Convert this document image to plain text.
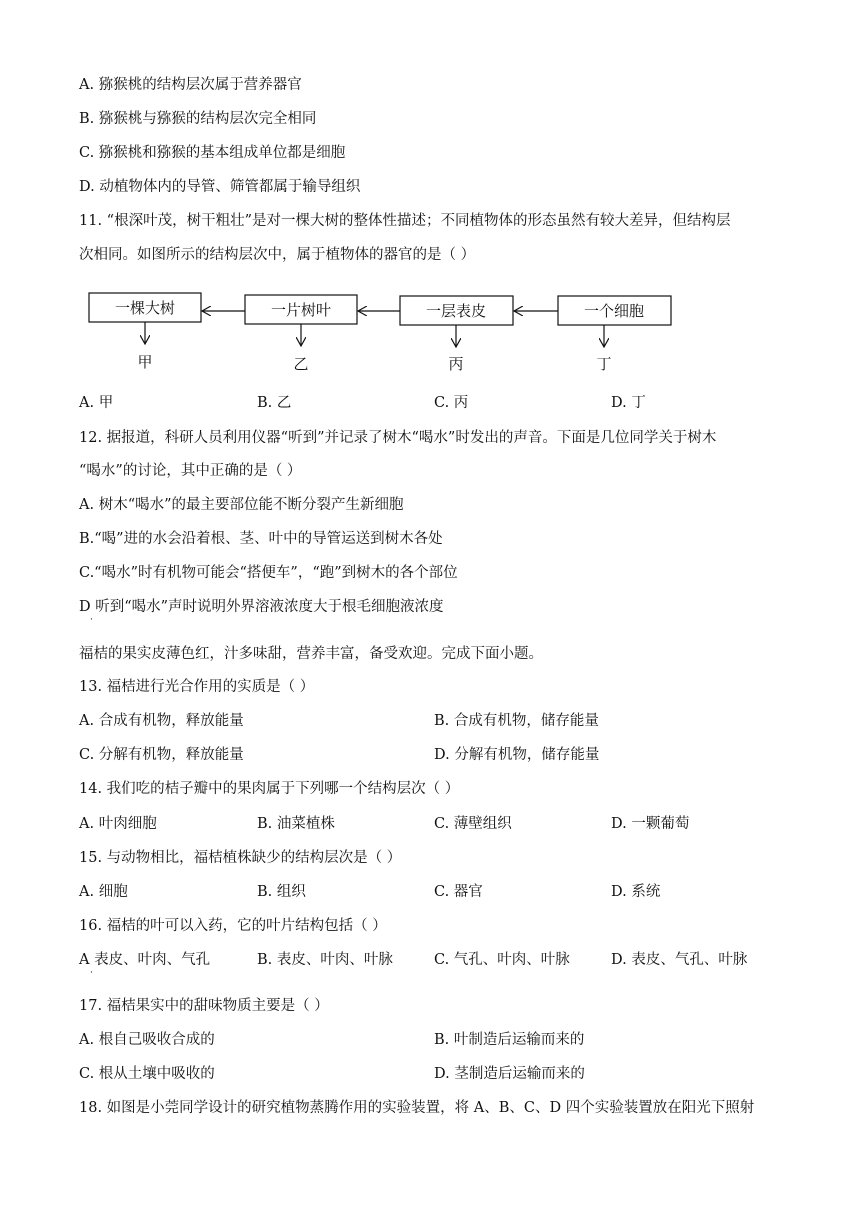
A. 猕猴桃的结构层次属于营养器官
B. 猕猴桃与猕猴的结构层次完全相同
C. 猕猴桃和猕猴的基本组成单位都是细胞
D. 动植物体内的导管、筛管都属于输导组织
11. “根深叶茂，树干粗壮”是对一棵大树的整体性描述；不同植物体的形态虽然有较大差异，但结构层
次相同。如图所示的结构层次中，属于植物体的器官的是（ ）
一棵大树	一片树叶	一层表皮	一个细胞
甲	乙	丙	丁
A. 甲	B. 乙	C. 丙	D. 丁
12. 据报道，科研人员利用仪器“听到”并记录了树木“喝水”时发出的声音。下面是几位同学关于树木
“喝水”的讨论，其中正确的是（ ）
A. 树木“喝水”的最主要部位能不断分裂产生新细胞
B.“喝”进的水会沿着根、茎、叶中的导管运送到树木各处
C.“喝水”时有机物可能会“搭便车”，“跑”到树木的各个部位
D 听到“喝水”声时说明外界溶液浓度大于根毛细胞液浓度
·
福桔的果实皮薄色红，汁多味甜，营养丰富，备受欢迎。完成下面小题。
13. 福桔进行光合作用的实质是（ ）
A. 合成有机物，释放能量	B. 合成有机物，储存能量
C. 分解有机物，释放能量	D. 分解有机物，储存能量
14. 我们吃的桔子瓣中的果肉属于下列哪一个结构层次（ ）
A. 叶肉细胞	B. 油菜植株	C. 薄壁组织	D. 一颗葡萄
15. 与动物相比，福桔植株缺少的结构层次是（ ）
A. 细胞	B. 组织	C. 器官	D. 系统
16. 福桔的叶可以入药，它的叶片结构包括（ ）
A 表皮、叶肉、气孔
·
B. 表皮、叶肉、叶脉	C. 气孔、叶肉、叶脉	D. 表皮、气孔、叶脉
17. 福桔果实中的甜味物质主要是（ ）
A. 根自己吸收合成的	B. 叶制造后运输而来的
C. 根从土壤中吸收的	D. 茎制造后运输而来的
18. 如图是小莞同学设计的研究植物蒸腾作用的实验装置，将 A、B、C、D 四个实验装置放在阳光下照射
